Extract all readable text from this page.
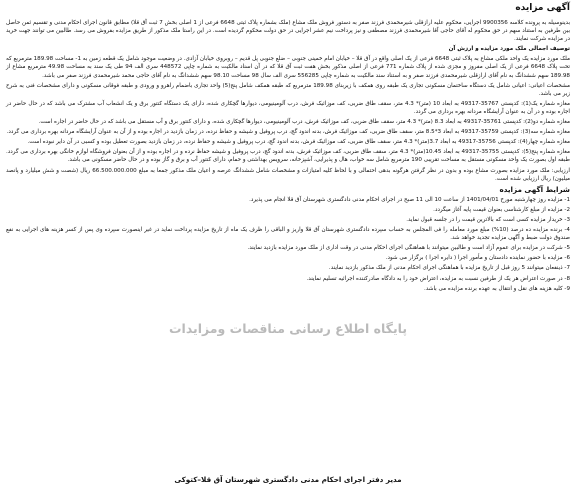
آگهی مزایده

بدینوسیله به پرونده کلاسه 9900356 اجرایی، محکوم علیه ارازقلی شیرمحمدی فرزند صفر به دستور فروش ملک مشاع (ملک بشماره پلاک ثبتی 6648 فرعی از 1 اصلی بخش 7 ثبت آق قلا) مطابق قانون اجرای احکام مدنی و تقسیم ثمن حاصل بین طرفین به استناد سهم در حق محکوم له آقای حاجی آقا شیرمحمدی فرزند مصطفی و نیز پرداخت نیم عشر اجرایی در حق دولت محکوم گردیده است. در این راستا ملک مذکور از طریق مزایده بفروش می رسد. طالبین می توانند جهت خرید در مزایده شرکت نمایند.

توصیف اجمالی ملک مورد مزایده و ارزش آن

ملک مورد مزایده یک واحد ملکی مشاع به پلاک ثبتی 6648 فرعی از یک اصلی واقع در آق قلا – خیابان امام خمینی جنوبی – ضلع جنوبی پل قدیم – روبروی خیابان آزادی. در وضعیت موجود شامل یک قطعه زمین به 1- مساحت 189.98 مترمربع که تحت پلاک 6648 فرعی از یک اصلی مفروز و مجزی شده از پلاک شماره 771 فرعی از اصلی مذکور بخش هفت ثبت آق قلا که در آن اسناد مالکیت به شماره چاپی 448572 سری الف 94 طی یک سند به مساحت 49.98 مترمربع مشاع از 189.98 سهم ششدانگ به نام آقای ارازقلی شیرمحمدی فرزند صفر و به استناد سند مالکیت به شماره چاپی 556285 سری الف سال 98 مساحت 98.10 سهم ششدانگ به نام آقای حاجی محمد شیرمحمدی فرزند صفر می باشد.

مشخصات اعیانی: اعیانی شامل یک دستگاه ساختمان مسکونی تجاری یک طبقه روی همکف با زیربنای 189.98 مترمربع که طبقه همکف شامل پنج(5) واحد تجاری باضمام راهرو و ورودی و طبقه فوقانی مسکونی و دارای مشخصات فنی به شرح زیر می باشد.

مغازه شماره یک(1): کدپستی 35767-49317 به ابعاد 10 (متر)* 4.3 متر، سقف طاق ضربی، کف موزائیک فرش، درب آلومینیومی، دیوارها گچکاری شده، دارای یک دستگاه کنتور برق و یک انشعاب آب مشترک می باشد که در حال حاضر در اجاره بوده و در آن به عنوان آرایشگاه مردانه بهره برداری می گردد.

مغازه شماره دو(2): کدپستی 35761-49317 به ابعاد 8.3 (متر)* 4.3 متر، سقف طاق ضربی، کف موزائیک فرش، درب آلومینیومی، دیوارها گچکاری شده، و دارای کنتور برق و آب مستقل می باشد که در حال حاضر در اجاره است.

مغازه شماره سه(3): کدپستی 35759-49317 به ابعاد 3*8.5 متر، سقف طاق ضربی، کف موزائیک فرش، بدنه اندود گچ، درب پروفیل و شیشه و حفاظ نرده، در زمان بازدید در اجاره بوده و از آن به عنوان آرایشگاه مردانه بهره برداری می گردد.

مغازه شماره چهار(4): کدپستی 35756-49317 به ابعاد 3.7(متر)* 4.3 متر، سقف طاق ضربی، کف موزائیک فرش، بدنه اندود گچ، درب پروفیل و شیشه و حفاظ نرده، در زمان بازدید بصورت تعطیل بوده و کسبی در آن دایر نبوده است.

مغازه شماره پنج(5): کدپستی 35755-49317 به ابعاد 10.45(متر)* 4.3 متر، سقف طاق ضربی، کف موزائیک فرش، بدنه اندود گچ، درب پروفیل و شیشه حفاظ نرده و در اجاره بوده و از آن بعنوان فروشگاه لوازم خانگی بهره برداری می گردد. طبقه اول بصورت یک واحد مسکونی مستقل به مساحت تقریبی 190 مترمربع شامل سه خواب، هال و پذیرایی، آشپزخانه، سرویس بهداشتی و حمام، دارای کنتور آب و برق و گاز بوده و در حال حاضر مسکونی می باشد.

ارزیابی: ملک مورد مزایده بصورت مشاع بوده و بدون در نظر گرفتن هرگونه بدهی احتمالی و با لحاظ کلیه امتیازات و مشخصات شامل ششدانگ عرصه و اعیان ملک مذکور جمعا به مبلغ 66.500.000.000 ریال (شصت و شش میلیارد و پانصد میلیون) ریال ارزیابی شده است.

شرایط آگهی مزایده

1- مزایده روز چهارشنبه مورخ 1401/04/01 از ساعت 10 الی 11 صبح در اجرای احکام مدنی دادگستری شهرستان آق قلا انجام می پذیرد.

2- مزایده از مبلغ کارشناسی بعنوان قیمت پایه آغاز میگردد.

3- خریدار مزایده کسی است که بالاترین قیمت را در جلسه قبول نماید.

4- برنده مزایده ده درصد (10%) مبلغ مورد معامله را فی المجلس به حساب سپرده دادگستری شهرستان آق قلا واریز و الباقی را ظرف یک ماه از تاریخ مزایده پرداخت نماید در غیر اینصورت سپرده وی پس از کسر هزینه های اجرایی به نفع صندوق دولت ضبط و آگهی مزایده تجدید خواهد شد.

5- شرکت در مزایده برای عموم آزاد است و طالبین میتوانند با هماهنگی اجرای احکام مدنی در وقت اداری از ملک مورد مزایده بازدید نمایند.

6- مزایده با حضور نماینده دادستان و مأمور اجرا ( دایره اجرا ) برگزار می شود.

7- ذینفعان میتوانند 5 روز قبل از تاریخ مزایده با هماهنگی اجرای احکام مدنی از ملک مذکور بازدید نمایند.

8- در صورت اعتراض هر یک از طرفین نسبت به مزایده، اعتراض خود را به دادگاه صادرکننده اجرائیه تسلیم نمایند.

9- کلیه هزینه های نقل و انتقال به عهده برنده مزایده می باشد.

پایگاه اطلاع رسانی مناقصات ومزایدات
مدیر دفتر اجرای احکام مدنی دادگستری شهرستان آق قلا–کتوکی
